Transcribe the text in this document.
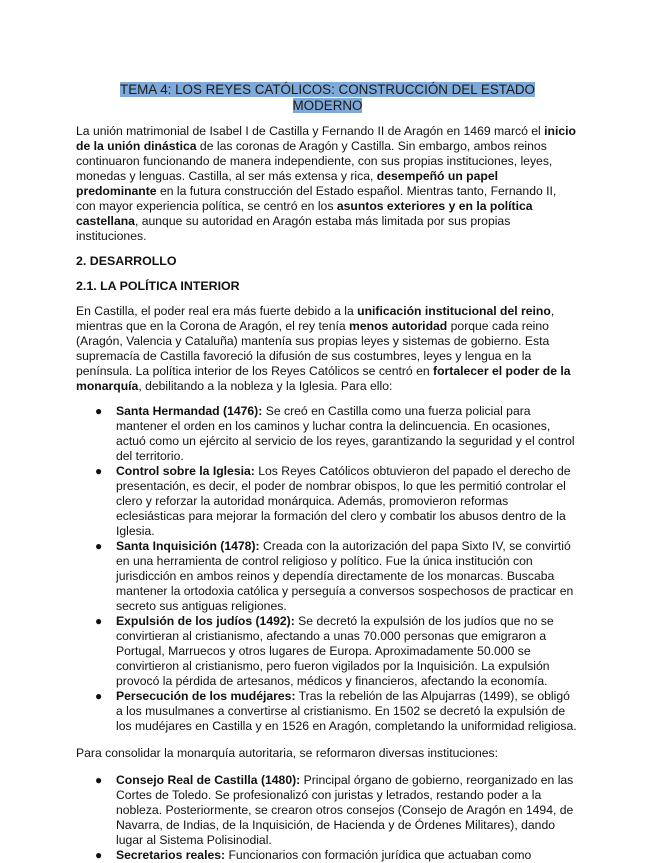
TEMA 4: LOS REYES CATÓLICOS: CONSTRUCCIÓN DEL ESTADO
MODERNO

La unión matrimonial de Isabel I de Castilla y Fernando II de Aragón en 1469 marcó el inicio de la unión dinástica de las coronas de Aragón y Castilla. Sin embargo, ambos reinos continuaron funcionando de manera independiente, con sus propias instituciones, leyes, monedas y lenguas. Castilla, al ser más extensa y rica, desempeñó un papel predominante en la futura construcción del Estado español. Mientras tanto, Fernando II, con mayor experiencia política, se centró en los asuntos exteriores y en la política castellana, aunque su autoridad en Aragón estaba más limitada por sus propias instituciones.

2. DESARROLLO
2.1. LA POLÍTICA INTERIOR

En Castilla, el poder real era más fuerte debido a la unificación institucional del reino, mientras que en la Corona de Aragón, el rey tenía menos autoridad porque cada reino (Aragón, Valencia y Cataluña) mantenía sus propias leyes y sistemas de gobierno. Esta supremacía de Castilla favoreció la difusión de sus costumbres, leyes y lengua en la península. La política interior de los Reyes Católicos se centró en fortalecer el poder de la monarquía, debilitando a la nobleza y la Iglesia. Para ello:

● Santa Hermandad (1476): Se creó en Castilla como una fuerza policial para mantener el orden en los caminos y luchar contra la delincuencia. En ocasiones, actuó como un ejército al servicio de los reyes, garantizando la seguridad y el control del territorio.
● Control sobre la Iglesia: Los Reyes Católicos obtuvieron del papado el derecho de presentación, es decir, el poder de nombrar obispos, lo que les permitió controlar el clero y reforzar la autoridad monárquica. Además, promovieron reformas eclesiásticas para mejorar la formación del clero y combatir los abusos dentro de la Iglesia.
● Santa Inquisición (1478): Creada con la autorización del papa Sixto IV, se convirtió en una herramienta de control religioso y político. Fue la única institución con jurisdicción en ambos reinos y dependía directamente de los monarcas. Buscaba mantener la ortodoxia católica y perseguía a conversos sospechosos de practicar en secreto sus antiguas religiones.
● Expulsión de los judíos (1492): Se decretó la expulsión de los judíos que no se convirtieran al cristianismo, afectando a unas 70.000 personas que emigraron a Portugal, Marruecos y otros lugares de Europa. Aproximadamente 50.000 se convirtieron al cristianismo, pero fueron vigilados por la Inquisición. La expulsión provocó la pérdida de artesanos, médicos y financieros, afectando la economía.
● Persecución de los mudéjares: Tras la rebelión de las Alpujarras (1499), se obligó a los musulmanes a convertirse al cristianismo. En 1502 se decretó la expulsión de los mudéjares en Castilla y en 1526 en Aragón, completando la uniformidad religiosa.

Para consolidar la monarquía autoritaria, se reformaron diversas instituciones:

● Consejo Real de Castilla (1480): Principal órgano de gobierno, reorganizado en las Cortes de Toledo. Se profesionalizó con juristas y letrados, restando poder a la nobleza. Posteriormente, se crearon otros consejos (Consejo de Aragón en 1494, de Navarra, de Indias, de la Inquisición, de Hacienda y de Órdenes Militares), dando lugar al Sistema Polisinodial.
● Secretarios reales: Funcionarios con formación jurídica que actuaban como
